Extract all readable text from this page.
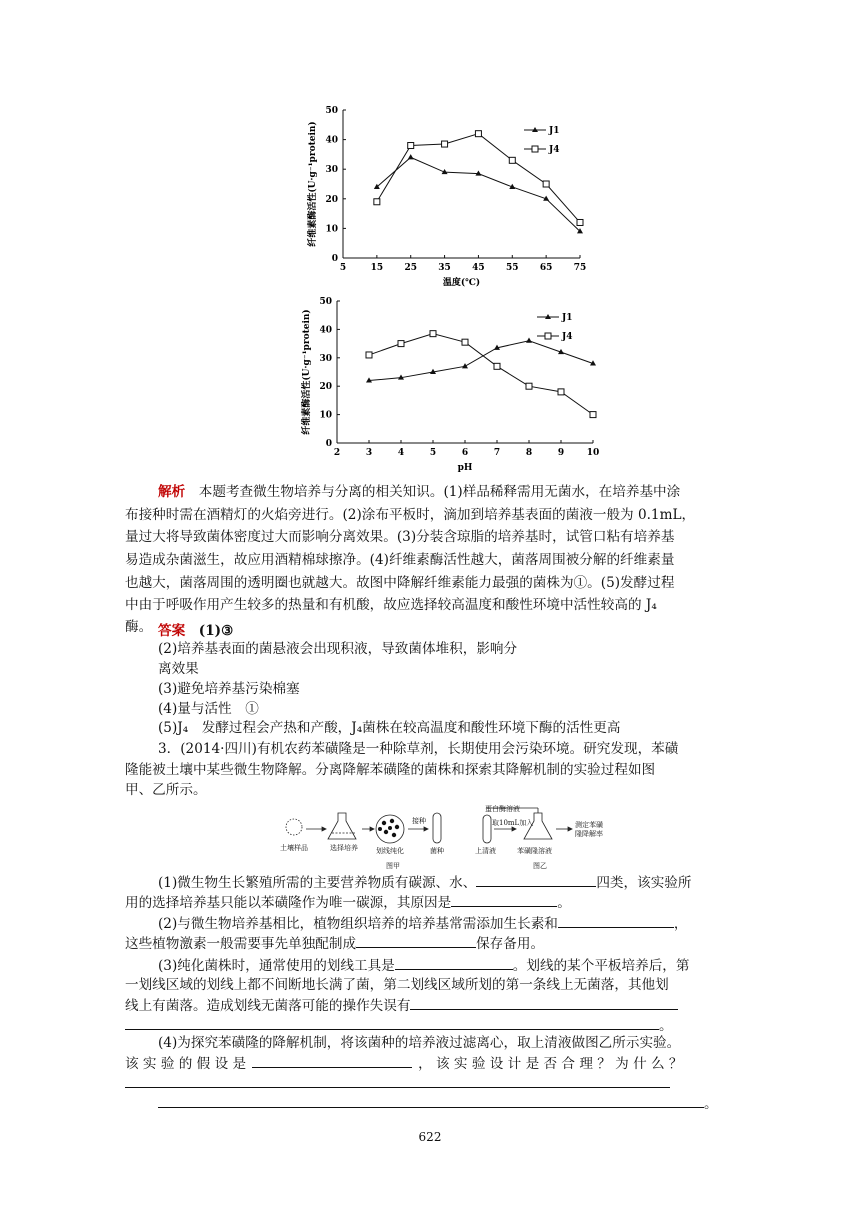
0
10
20
30
40
50
5	15 25 35 45 55 65 75
温度(℃)
纤维素酶活性(U·g⁻¹protein)	J1
J4
0
10
20
30
40
50
2	3	4	5	6	7	8	9	10
pH
纤维素酶活性(U·g⁻¹protein)	J1
J4
解析　 本题考查微生物培养与分离的相关知识。(1)样品稀释需用无菌水，在培养基中涂
布接种时需在酒精灯的火焰旁进行。(2)涂布平板时，滴加到培养基表面的菌液一般为 0.1mL，
量过大将导致菌体密度过大而影响分离效果。(3)分装含琼脂的培养基时，试管口粘有培养基
易造成杂菌滋生，故应用酒精棉球擦净。(4)纤维素酶活性越大，菌落周围被分解的纤维素量
也越大，菌落周围的透明圈也就越大。故图中降解纤维素能力最强的菌株为①。(5)发酵过程
中由于呼吸作用产生较多的热量和有机酸，故应选择较高温度和酸性环境中活性较高的 J₄
酶。 答案　 (1)③
(2)培养基表面的菌悬液会出现积液，导致菌体堆积，影响分
离效果
(3)避免培养基污染棉塞
(4)量与活性　①
(5)J₄　发酵过程会产热和产酸，J₄菌株在较高温度和酸性环境下酶的活性更高
3．(2014·四川)有机农药苯磺隆是一种除草剂，长期使用会污染环境。研究发现，苯磺
隆能被土壤中某些微生物降解。分离降解苯磺隆的菌株和探索其降解机制的实验过程如图
甲、乙所示。
土壤样品	选择培养	划线纯化
接种
菌种
图甲
蛋白酶溶液
取10mL加入
上清液	苯磺隆溶液
测定苯磺
隆降解率
图乙
(1)微生物生长繁殖所需的主要营养物质有碳源、水、	四类，该实验所
用的选择培养基只能以苯磺隆作为唯一碳源，其原因是	。
(2)与微生物培养基相比，植物组织培养的培养基常需添加生长素和	，
这些植物激素一般需要事先单独配制成	保存备用。
(3)纯化菌株时，通常使用的划线工具是	。划线的某个平板培养后，第
一划线区域的划线上都不间断地长满了菌，第二划线区域所划的第一条线上无菌落，其他划
线上有菌落。造成划线无菌落可能的操作失误有
。
(4)为探究苯磺隆的降解机制，将该菌种的培养液过滤离心，取上清液做图乙所示实验。
该 实 验 的 假 设 是	， 该 实 验 设 计 是 否 合 理 ？ 为 什 么 ？
。
622
